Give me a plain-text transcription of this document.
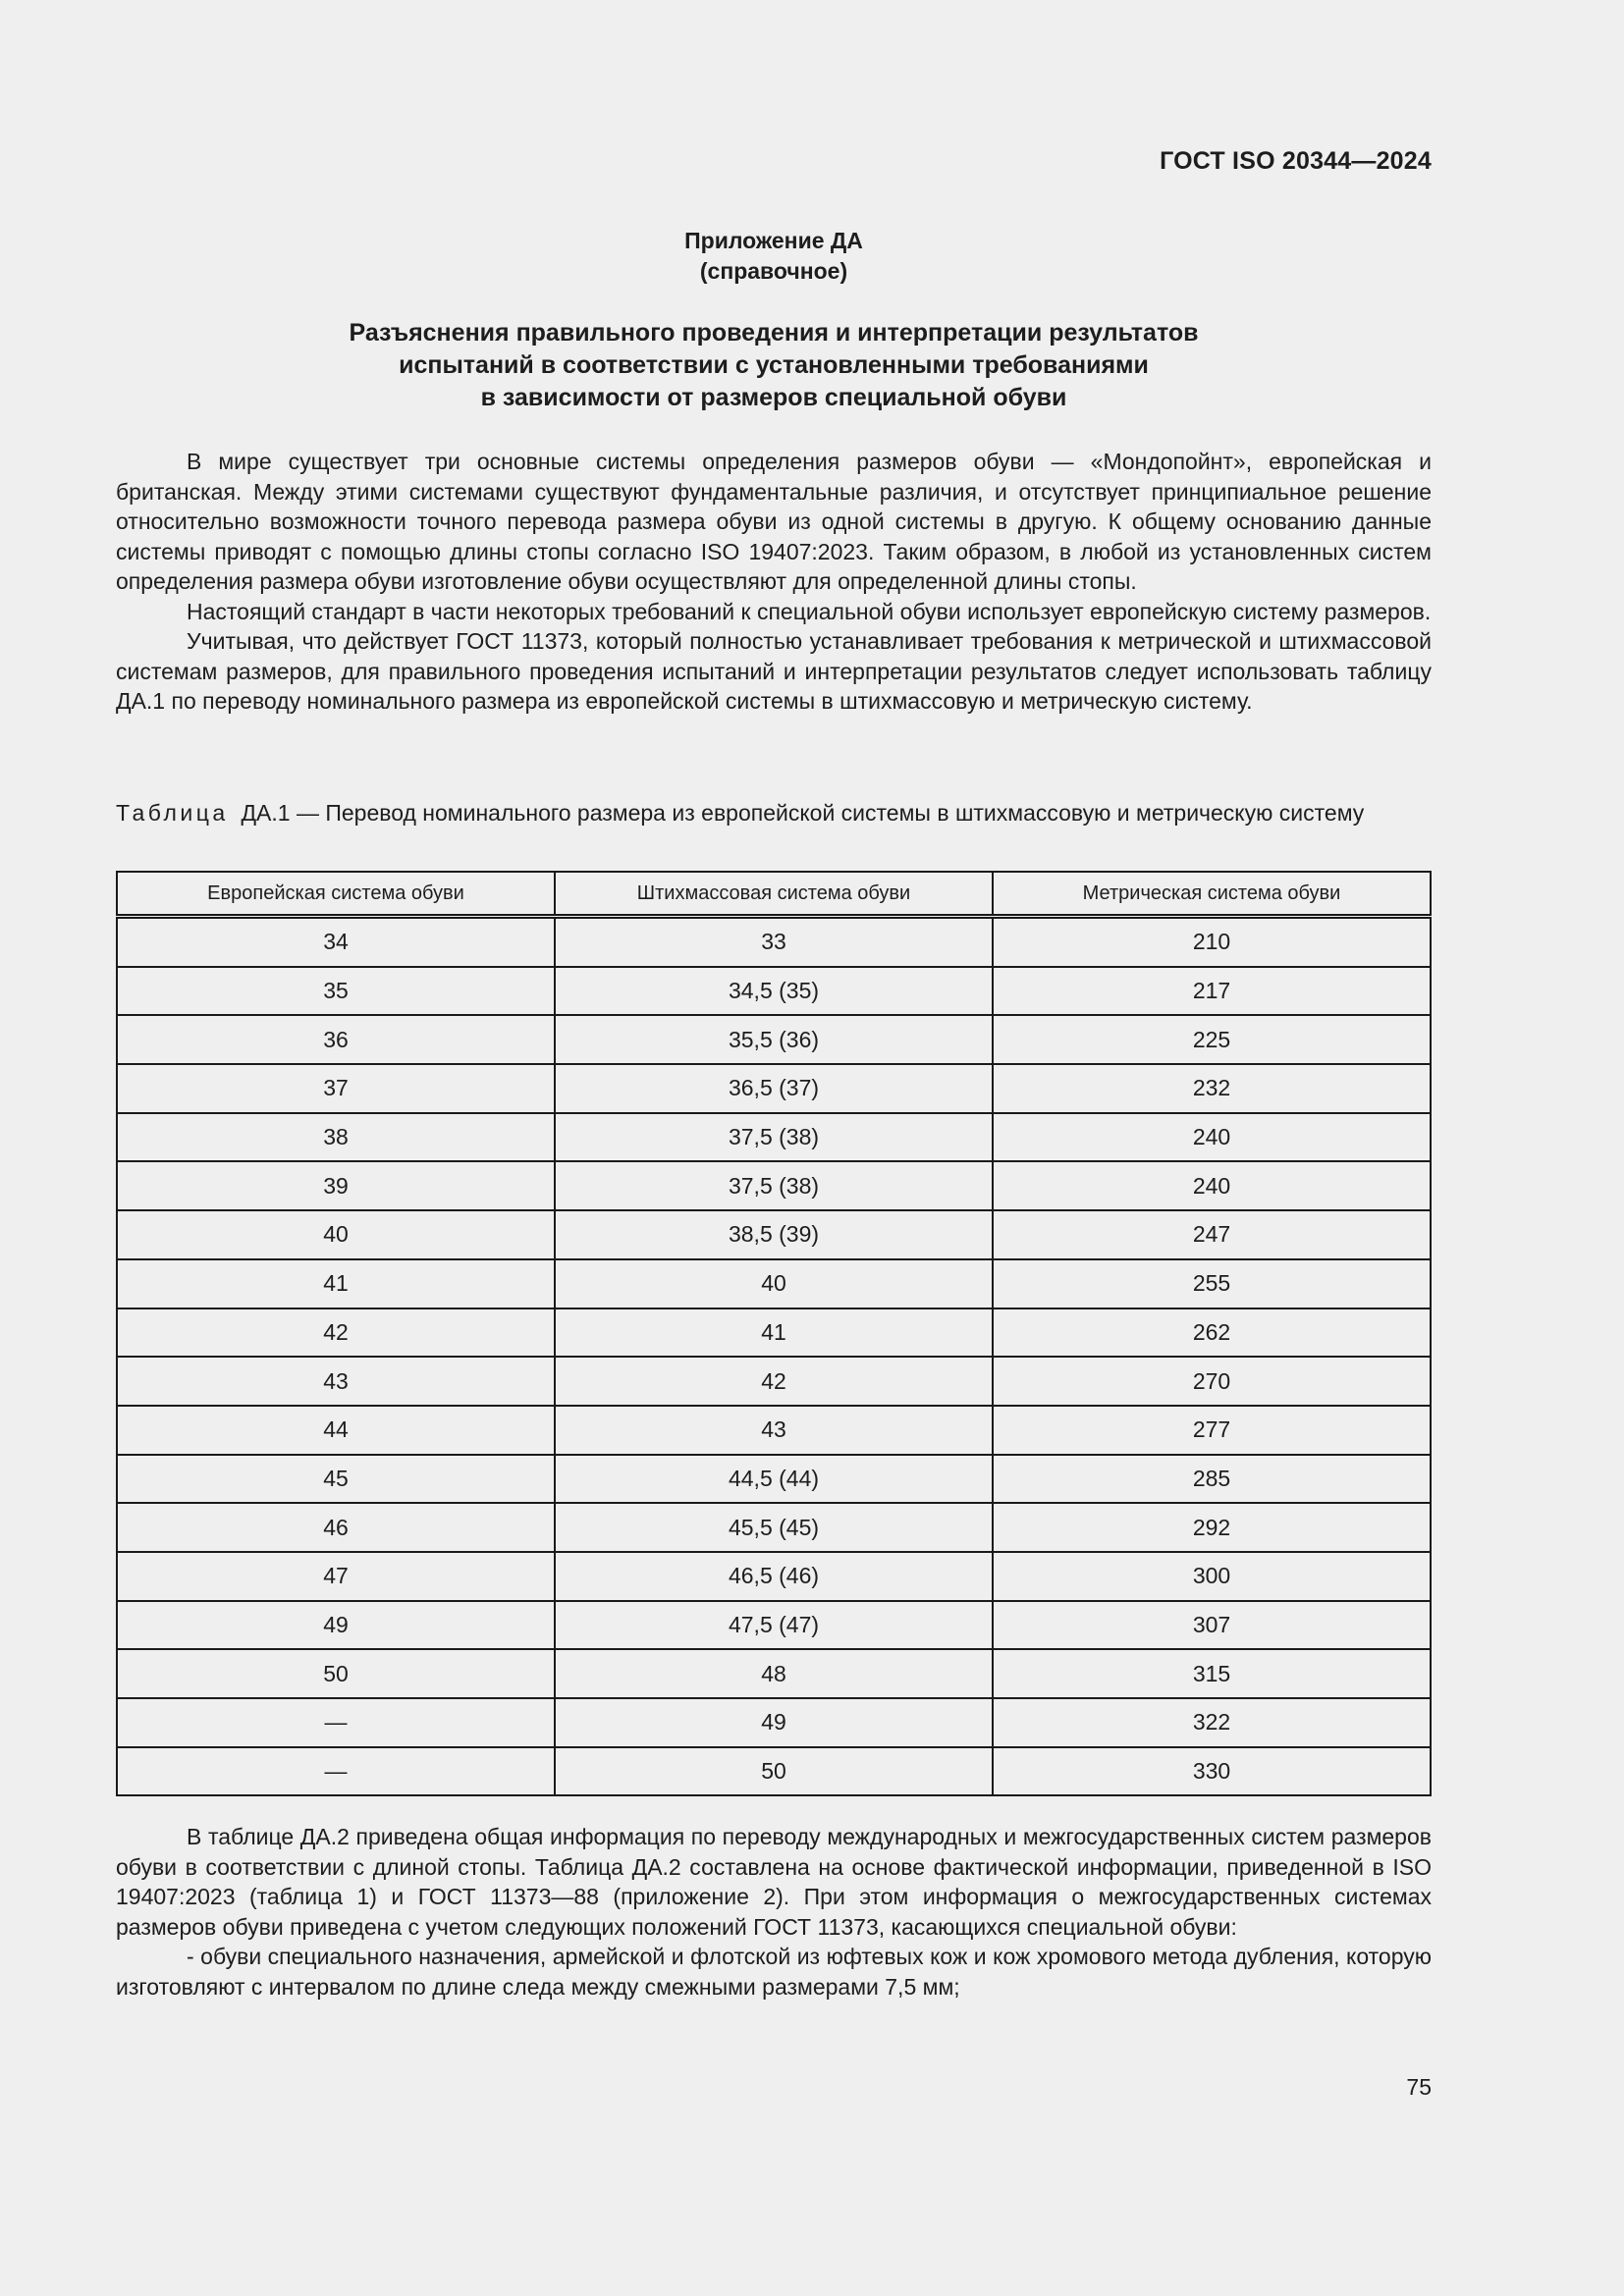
ГОСТ ISO 20344—2024
Приложение ДА
(справочное)
Разъяснения правильного проведения и интерпретации результатов
испытаний в соответствии с установленными требованиями
в зависимости от размеров специальной обуви

В мире существует три основные системы определения размеров обуви — «Мондопойнт», европейская и британская. Между этими системами существуют фундаментальные различия, и отсутствует принципиальное решение относительно возможности точного перевода размера обуви из одной системы в другую. К общему основанию данные системы приводят с помощью длины стопы согласно ISO 19407:2023. Таким образом, в любой из установленных систем определения размера обуви изготовление обуви осуществляют для определенной длины стопы.

Настоящий стандарт в части некоторых требований к специальной обуви использует европейскую систему размеров.

Учитывая, что действует ГОСТ 11373, который полностью устанавливает требования к метрической и штихмассовой системам размеров, для правильного проведения испытаний и интерпретации результатов следует использовать таблицу ДА.1 по переводу номинального размера из европейской системы в штихмассовую и метрическую систему.

Таблица ДА.1 — Перевод номинального размера из европейской системы в штихмассовую и метрическую систему
Европейская система обуви	Штихмассовая система обуви	Метрическая система обуви
34	33	210
35	34,5 (35)	217
36	35,5 (36)	225
37	36,5 (37)	232
38	37,5 (38)	240
39	37,5 (38)	240
40	38,5 (39)	247
41	40	255
42	41	262
43	42	270
44	43	277
45	44,5 (44)	285
46	45,5 (45)	292
47	46,5 (46)	300
49	47,5 (47)	307
50	48	315
—	49	322
—	50	330

В таблице ДА.2 приведена общая информация по переводу международных и межгосударственных систем размеров обуви в соответствии с длиной стопы. Таблица ДА.2 составлена на основе фактической информации, приведенной в ISO 19407:2023 (таблица 1) и ГОСТ 11373—88 (приложение 2). При этом информация о межгосударственных системах размеров обуви приведена с учетом следующих положений ГОСТ 11373, касающихся специальной обуви:

- обуви специального назначения, армейской и флотской из юфтевых кож и кож хромового метода дубления, которую изготовляют с интервалом по длине следа между смежными размерами 7,5 мм;

75
